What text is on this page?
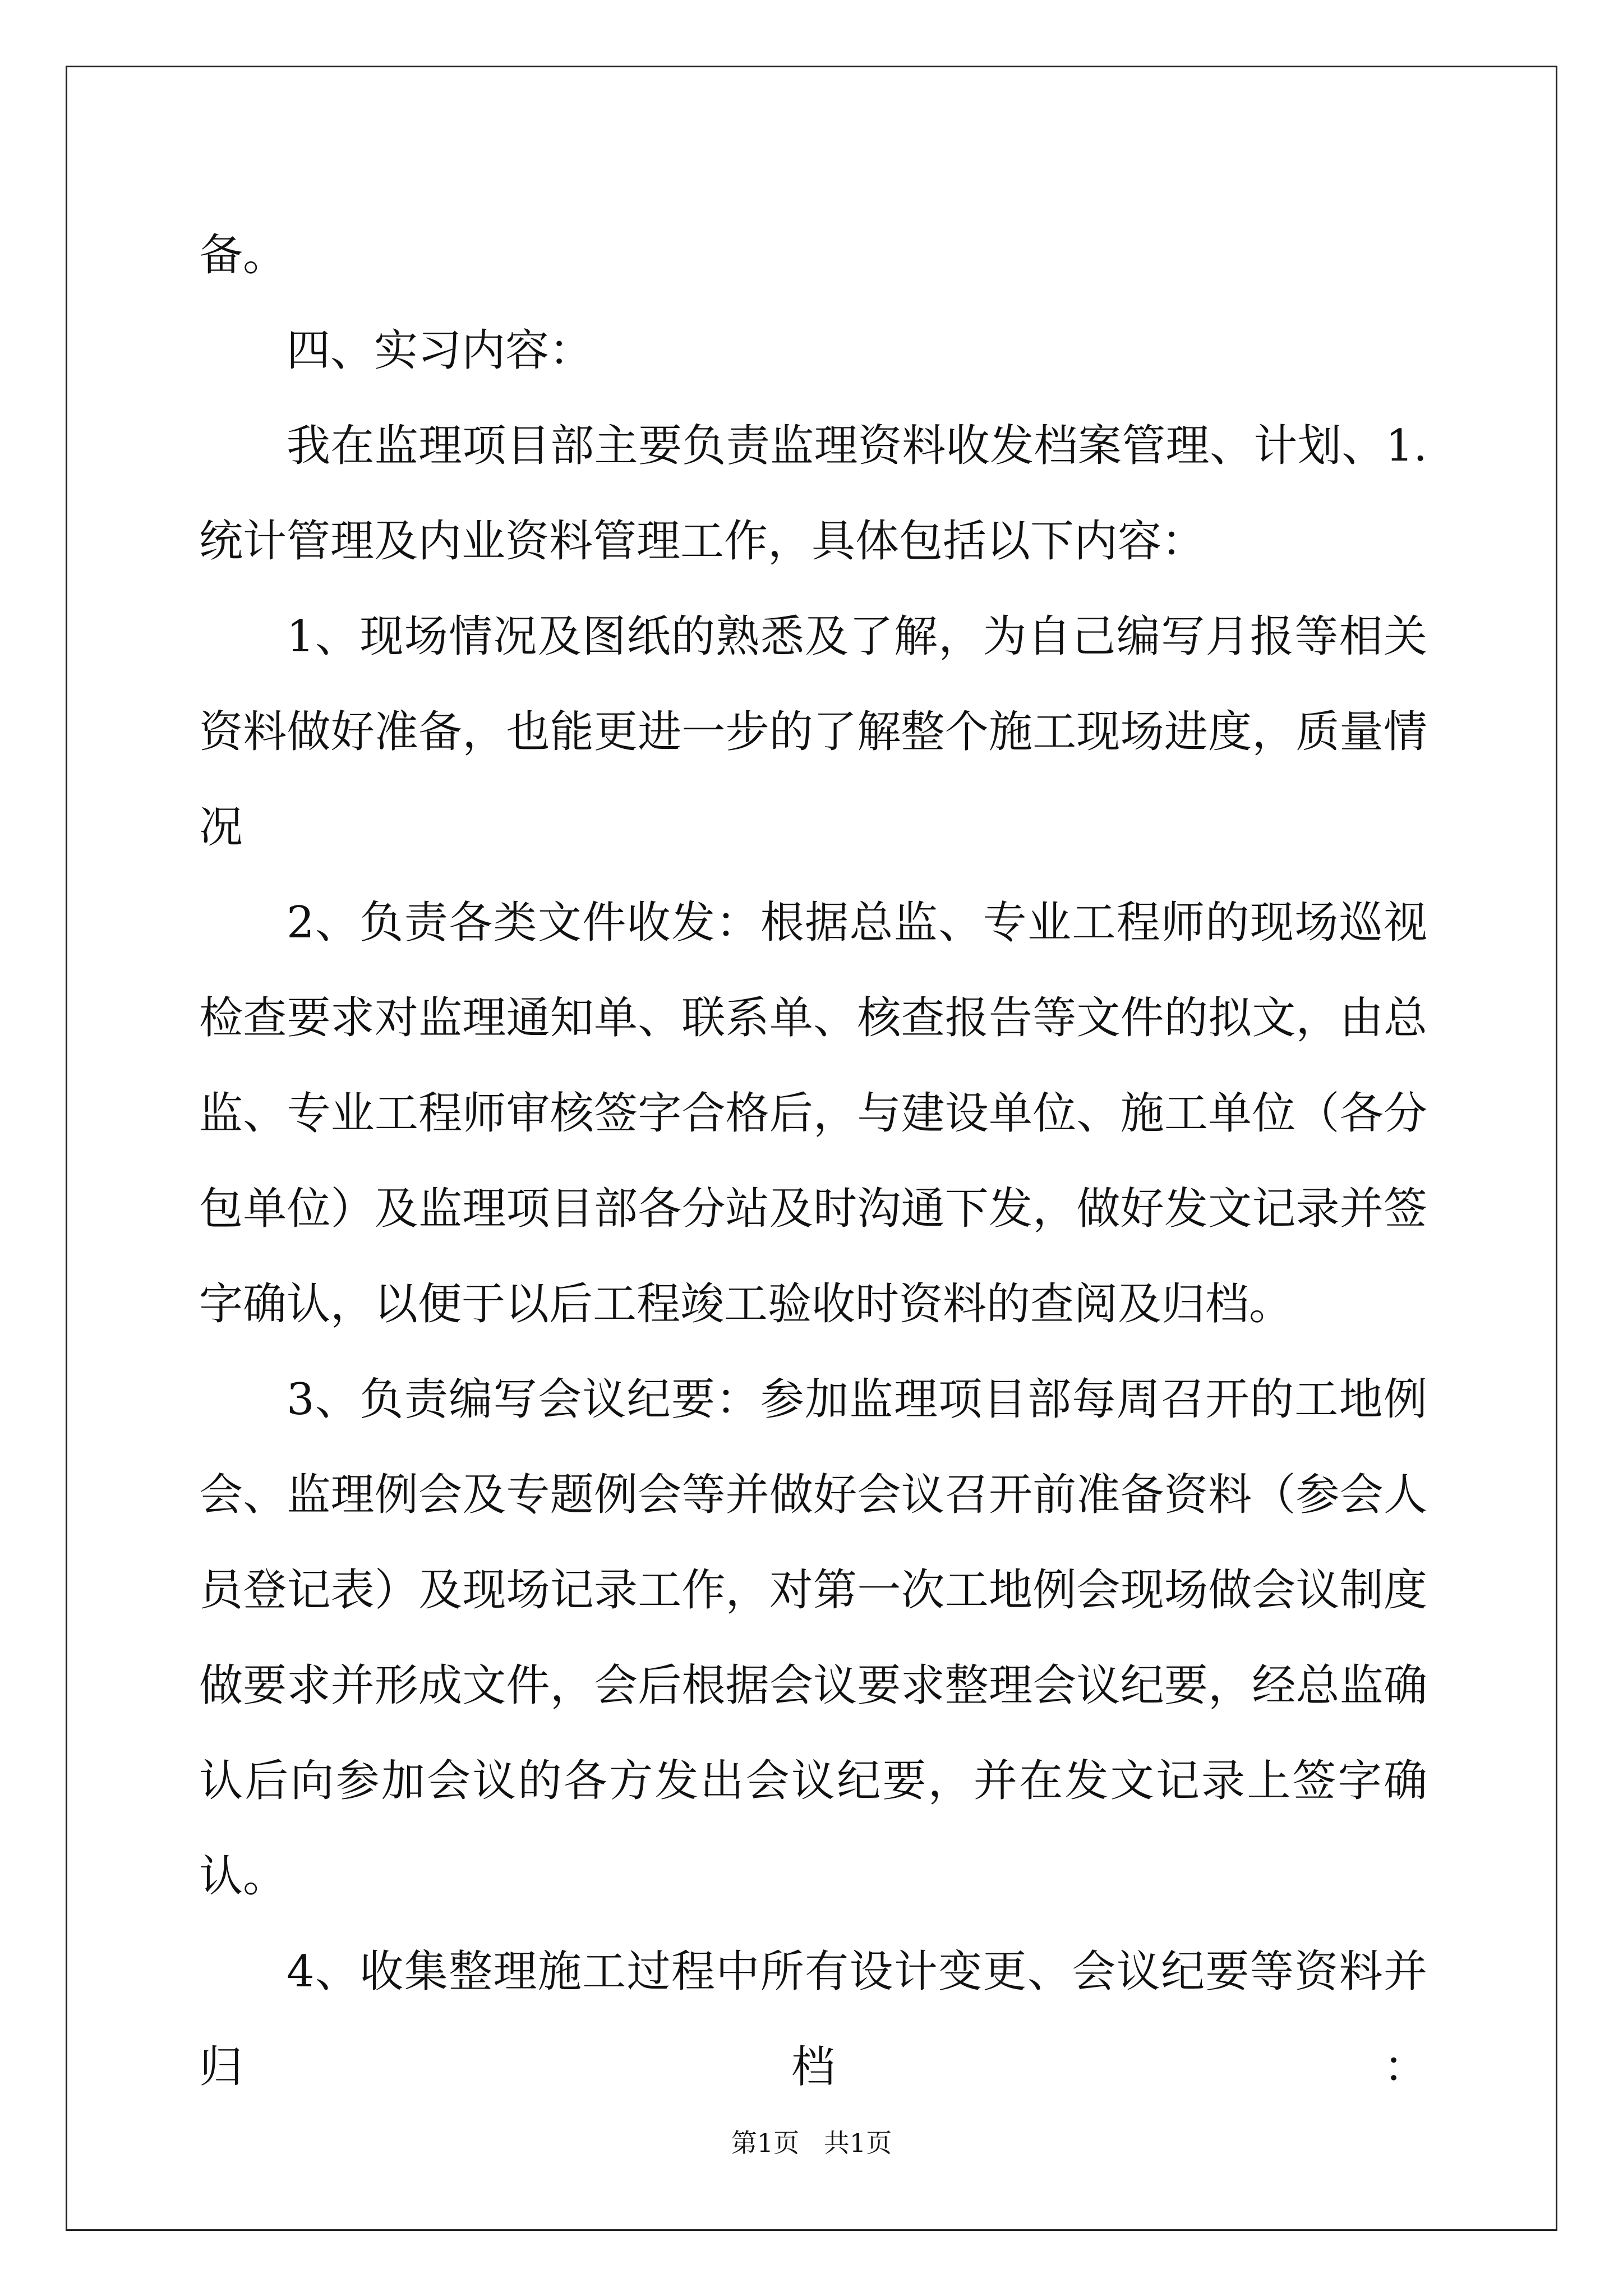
备。

四、实习内容：

我在监理项目部主要负责监理资料收发档案管理、计划、1.统计管理及内业资料管理工作，具体包括以下内容：

1、现场情况及图纸的熟悉及了解，为自己编写月报等相关资料做好准备，也能更进一步的了解整个施工现场进度，质量情况

2、负责各类文件收发：根据总监、专业工程师的现场巡视检查要求对监理通知单、联系单、核查报告等文件的拟文，由总监、专业工程师审核签字合格后，与建设单位、施工单位（各分包单位）及监理项目部各分站及时沟通下发，做好发文记录并签字确认，以便于以后工程竣工验收时资料的查阅及归档。

3、负责编写会议纪要：参加监理项目部每周召开的工地例会、监理例会及专题例会等并做好会议召开前准备资料（参会人员登记表）及现场记录工作，对第一次工地例会现场做会议制度做要求并形成文件，会后根据会议要求整理会议纪要，经总监确认后向参加会议的各方发出会议纪要，并在发文记录上签字确认。

4、收集整理施工过程中所有设计变更、会议纪要等资料并归档：

第1页   共1页
